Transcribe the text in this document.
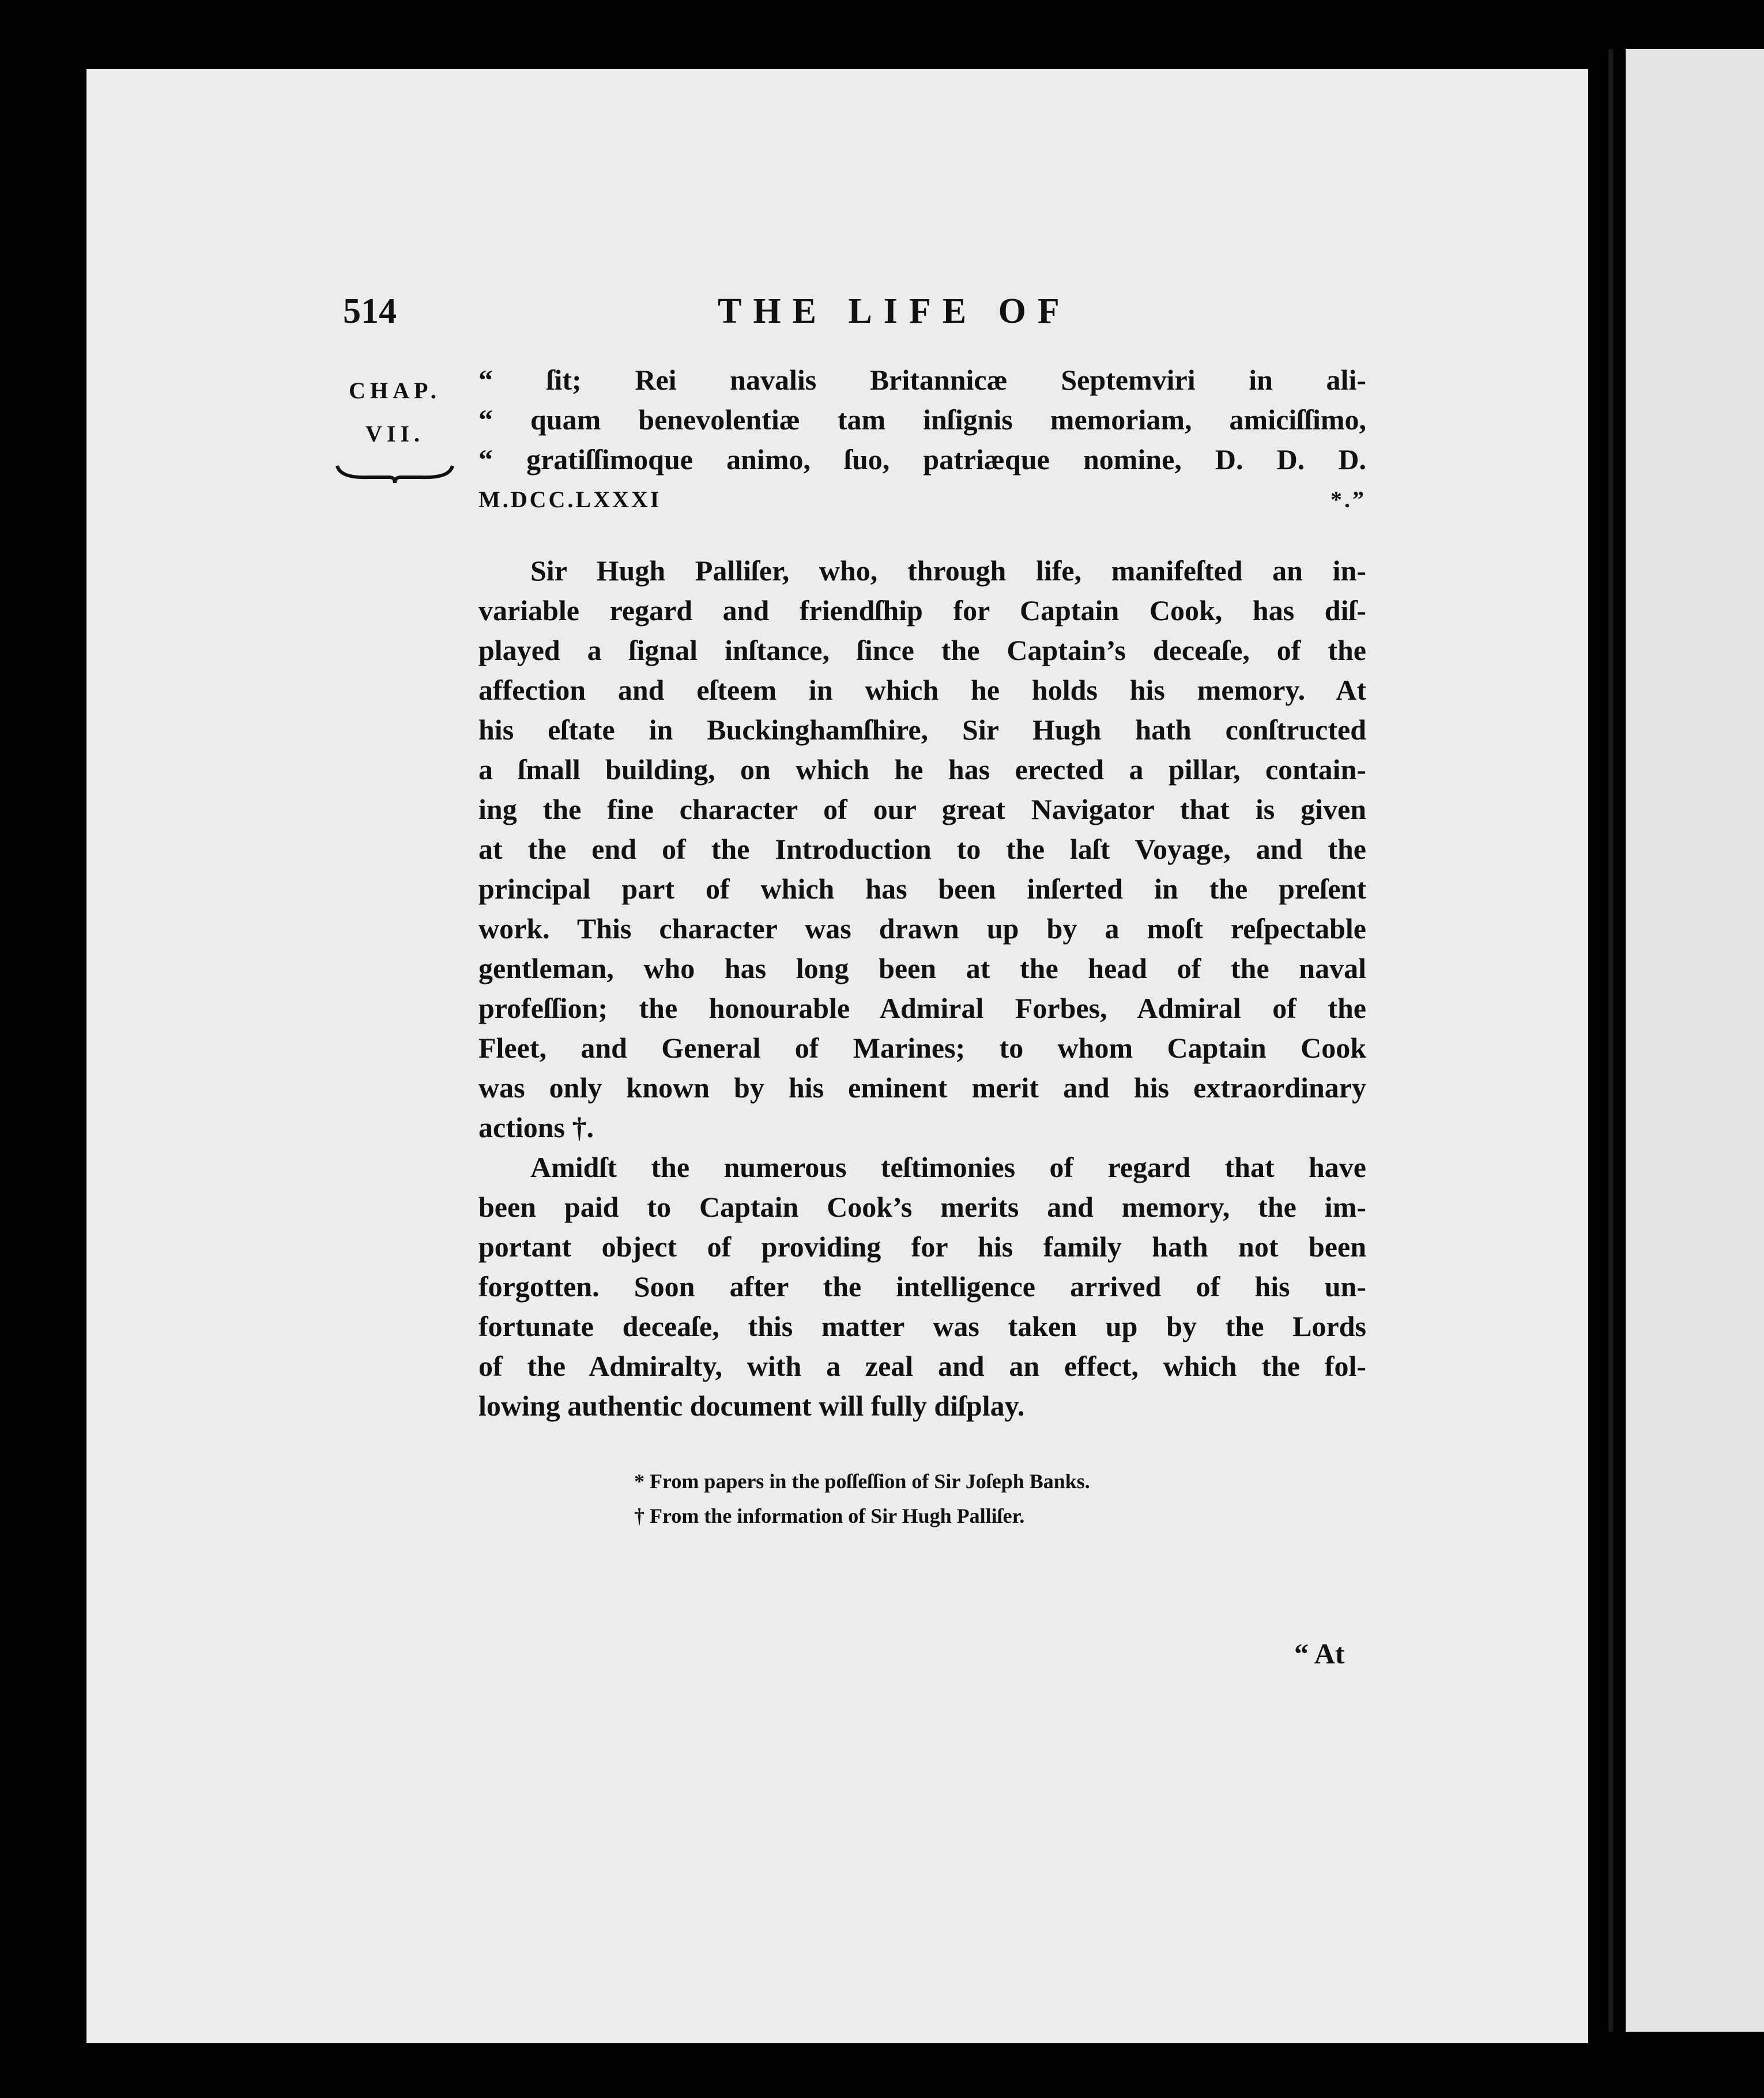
514	THE LIFE OF
CHAP.
VII.
“ ſit; Rei navalis Britannicæ Septemviri in ali-
“ quam benevolentiæ tam inſignis memoriam, amiciſſimo,
“ gratiſſimoque animo, ſuo, patriæque nomine, D. D. D.
M.DCC.LXXXI *.”
Sir Hugh Palliſer, who, through life, manifeſted an in-
variable regard and friendſhip for Captain Cook, has diſ-
played a ſignal inſtance, ſince the Captain’s deceaſe, of the
affection and eſteem in which he holds his memory. At
his eſtate in Buckinghamſhire, Sir Hugh hath conſtructed
a ſmall building, on which he has erected a pillar, contain-
ing the fine character of our great Navigator that is given
at the end of the Introduction to the laſt Voyage, and the
principal part of which has been inſerted in the preſent
work. This character was drawn up by a moſt reſpectable
gentleman, who has long been at the head of the naval
profeſſion; the honourable Admiral Forbes, Admiral of the
Fleet, and General of Marines; to whom Captain Cook
was only known by his eminent merit and his extraordinary
actions †.
Amidſt the numerous teſtimonies of regard that have
been paid to Captain Cook’s merits and memory, the im-
portant object of providing for his family hath not been
forgotten. Soon after the intelligence arrived of his un-
fortunate deceaſe, this matter was taken up by the Lords
of the Admiralty, with a zeal and an effect, which the fol-
lowing authentic document will fully diſplay.
* From papers in the poſſeſſion of Sir Joſeph Banks.
† From the information of Sir Hugh Palliſer.
“ At
